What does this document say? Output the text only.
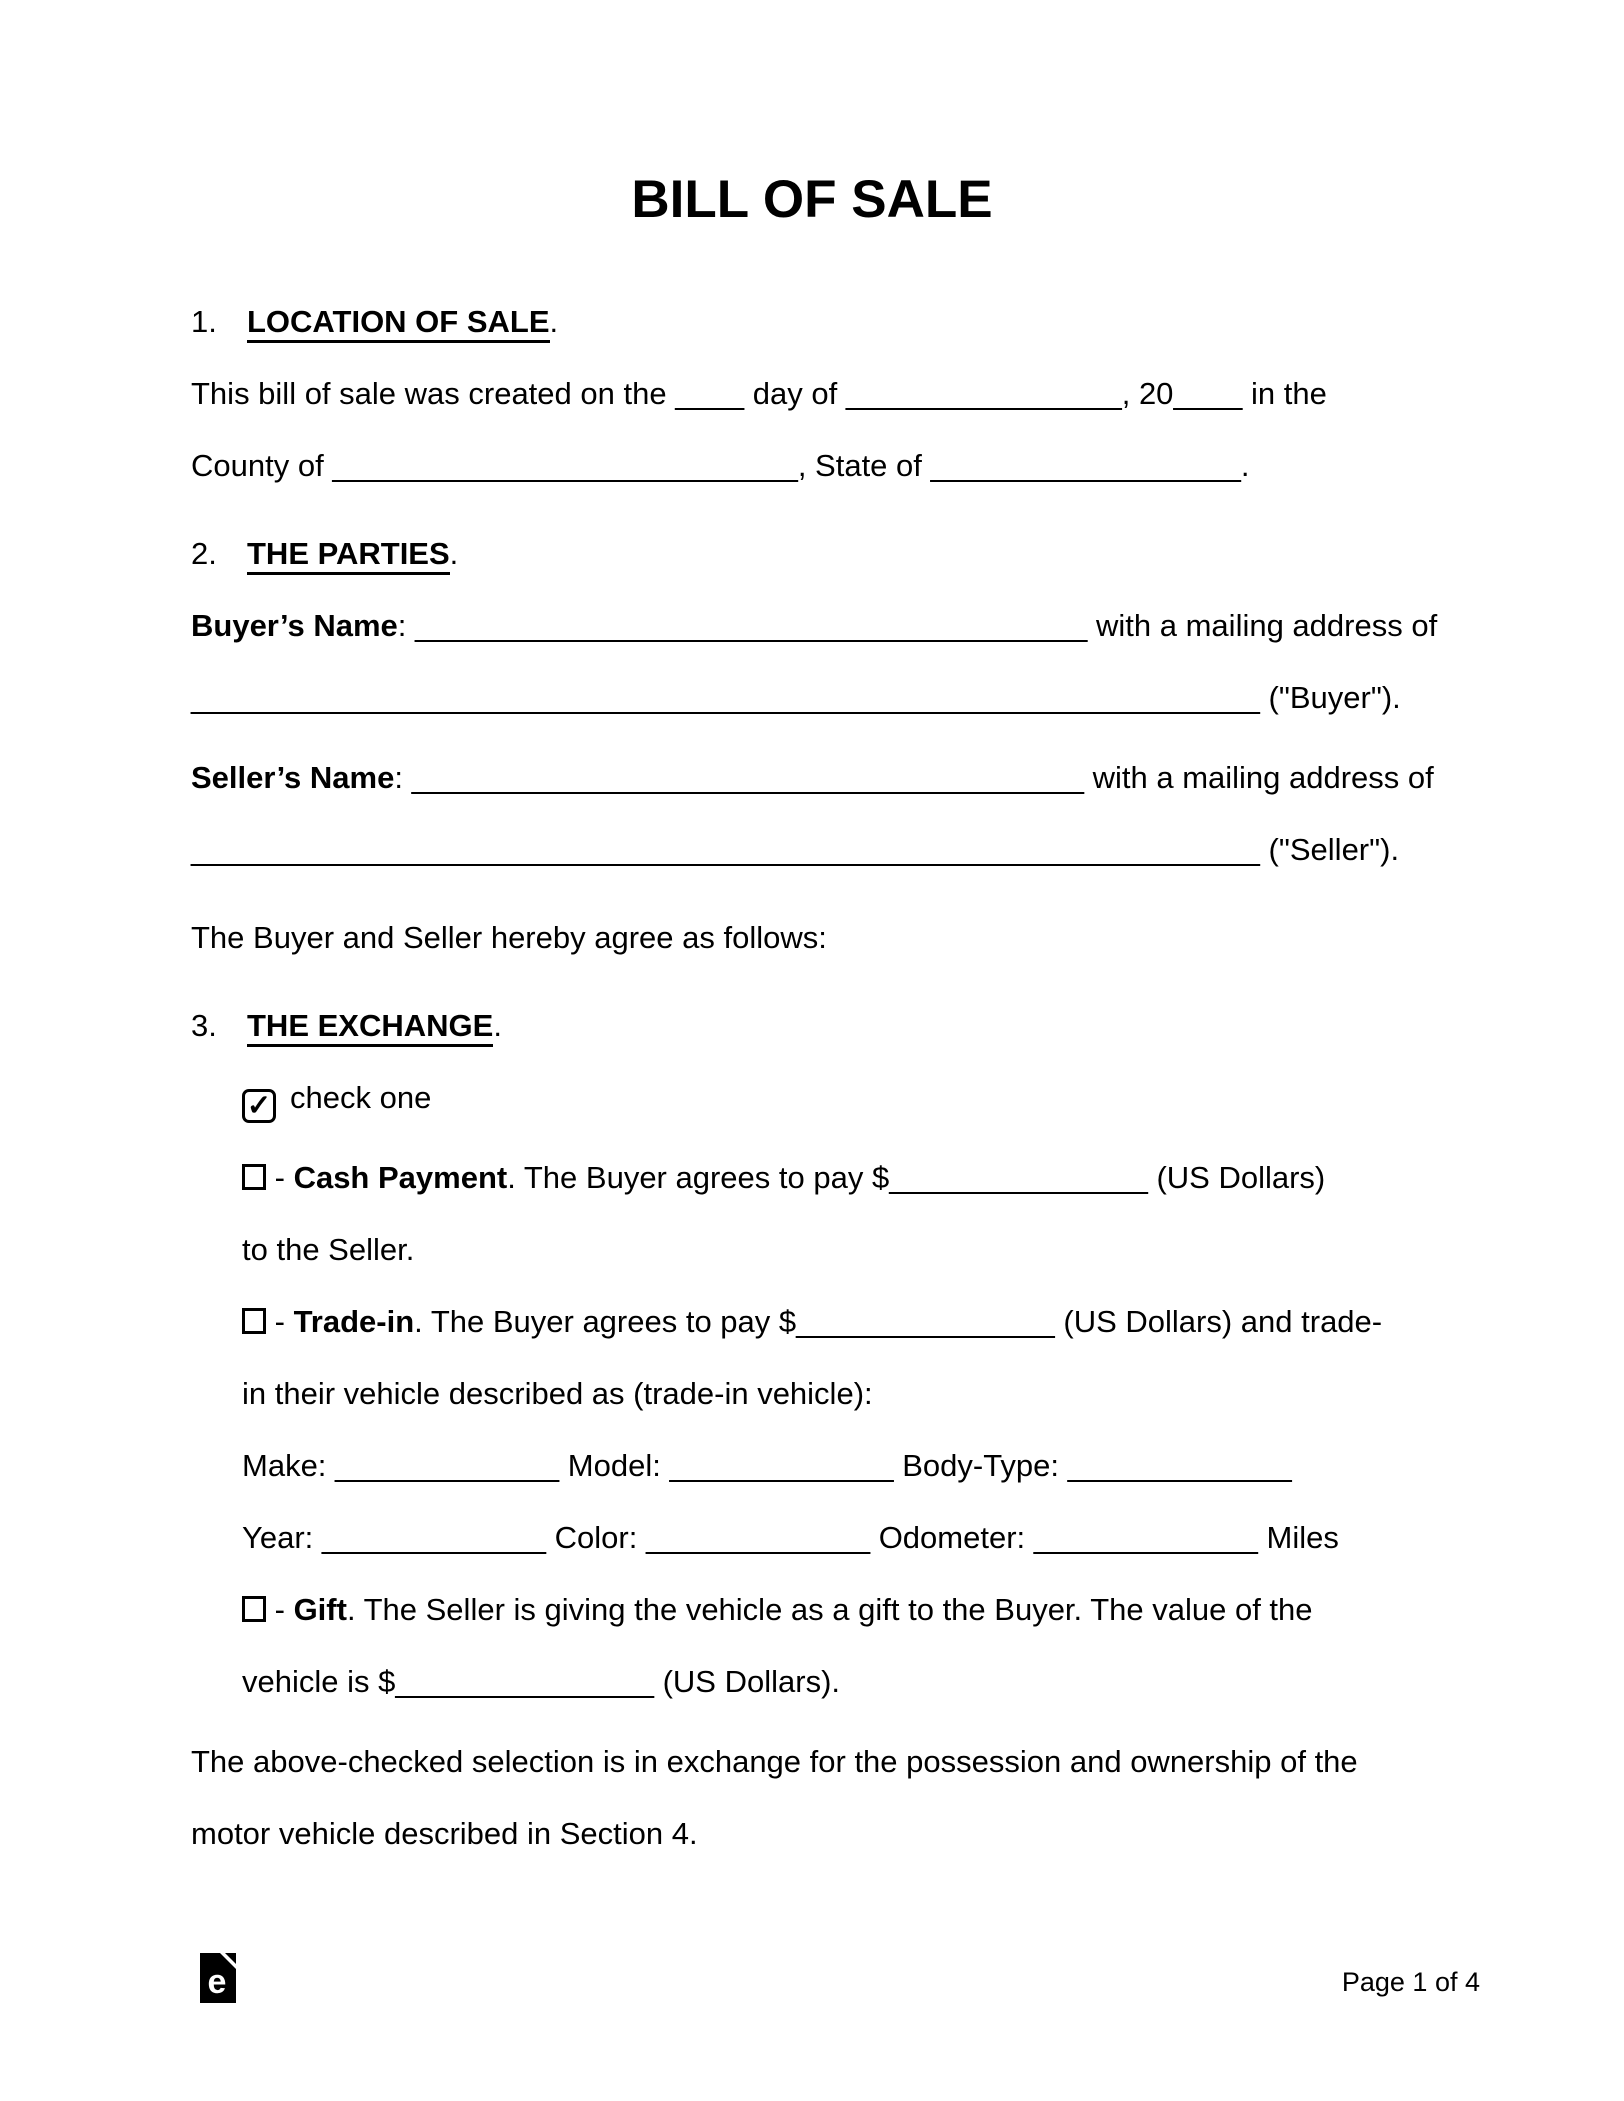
BILL OF SALE
1. LOCATION OF SALE.
This bill of sale was created on the ____ day of ________________, 20____ in the
County of ___________________________, State of __________________.
2. THE PARTIES.
Buyer’s Name: _______________________________________ with a mailing address of
______________________________________________________________ ("Buyer").
Seller’s Name: _______________________________________ with a mailing address of
______________________________________________________________ ("Seller").
The Buyer and Seller hereby agree as follows:
3. THE EXCHANGE.
✓ check one
- Cash Payment. The Buyer agrees to pay $_______________ (US Dollars)
to the Seller.
- Trade-in. The Buyer agrees to pay $_______________ (US Dollars) and trade-
in their vehicle described as (trade-in vehicle):
Make: _____________ Model: _____________ Body-Type: _____________
Year: _____________ Color: _____________ Odometer: _____________ Miles
- Gift. The Seller is giving the vehicle as a gift to the Buyer. The value of the
vehicle is $_______________ (US Dollars).
The above-checked selection is in exchange for the possession and ownership of the
motor vehicle described in Section 4.
e	Page 1 of 4
